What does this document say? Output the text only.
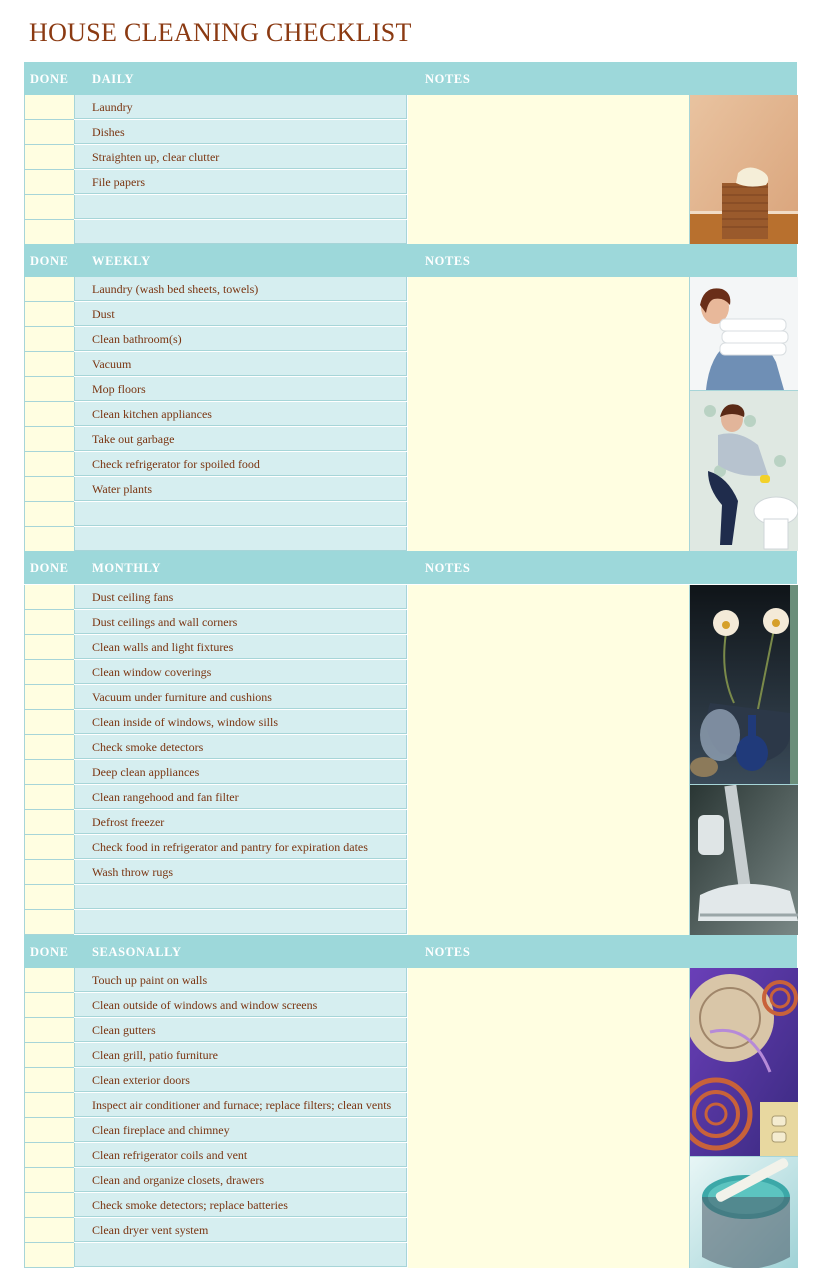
HOUSE CLEANING CHECKLIST
DONE DAILY	NOTES
Laundry
Dishes
Straighten up, clear clutter
File papers
DONE WEEKLY	NOTES
Laundry (wash bed sheets, towels)
Dust
Clean bathroom(s)
Vacuum
Mop floors
Clean kitchen appliances
Take out garbage
Check refrigerator for spoiled food
Water plants
DONE MONTHLY	NOTES
Dust ceiling fans
Dust ceilings and wall corners
Clean walls and light fixtures
Clean window coverings
Vacuum under furniture and cushions
Clean inside of windows, window sills
Check smoke detectors
Deep clean appliances
Clean rangehood and fan filter
Defrost freezer
Check food in refrigerator and pantry for expiration dates
Wash throw rugs
DONE SEASONALLY	NOTES
Touch up paint on walls
Clean outside of windows and window screens
Clean gutters
Clean grill, patio furniture
Clean exterior doors
Inspect air conditioner and furnace; replace filters; clean vents
Clean fireplace and chimney
Clean refrigerator coils and vent
Clean and organize closets, drawers
Check smoke detectors; replace batteries
Clean dryer vent system
